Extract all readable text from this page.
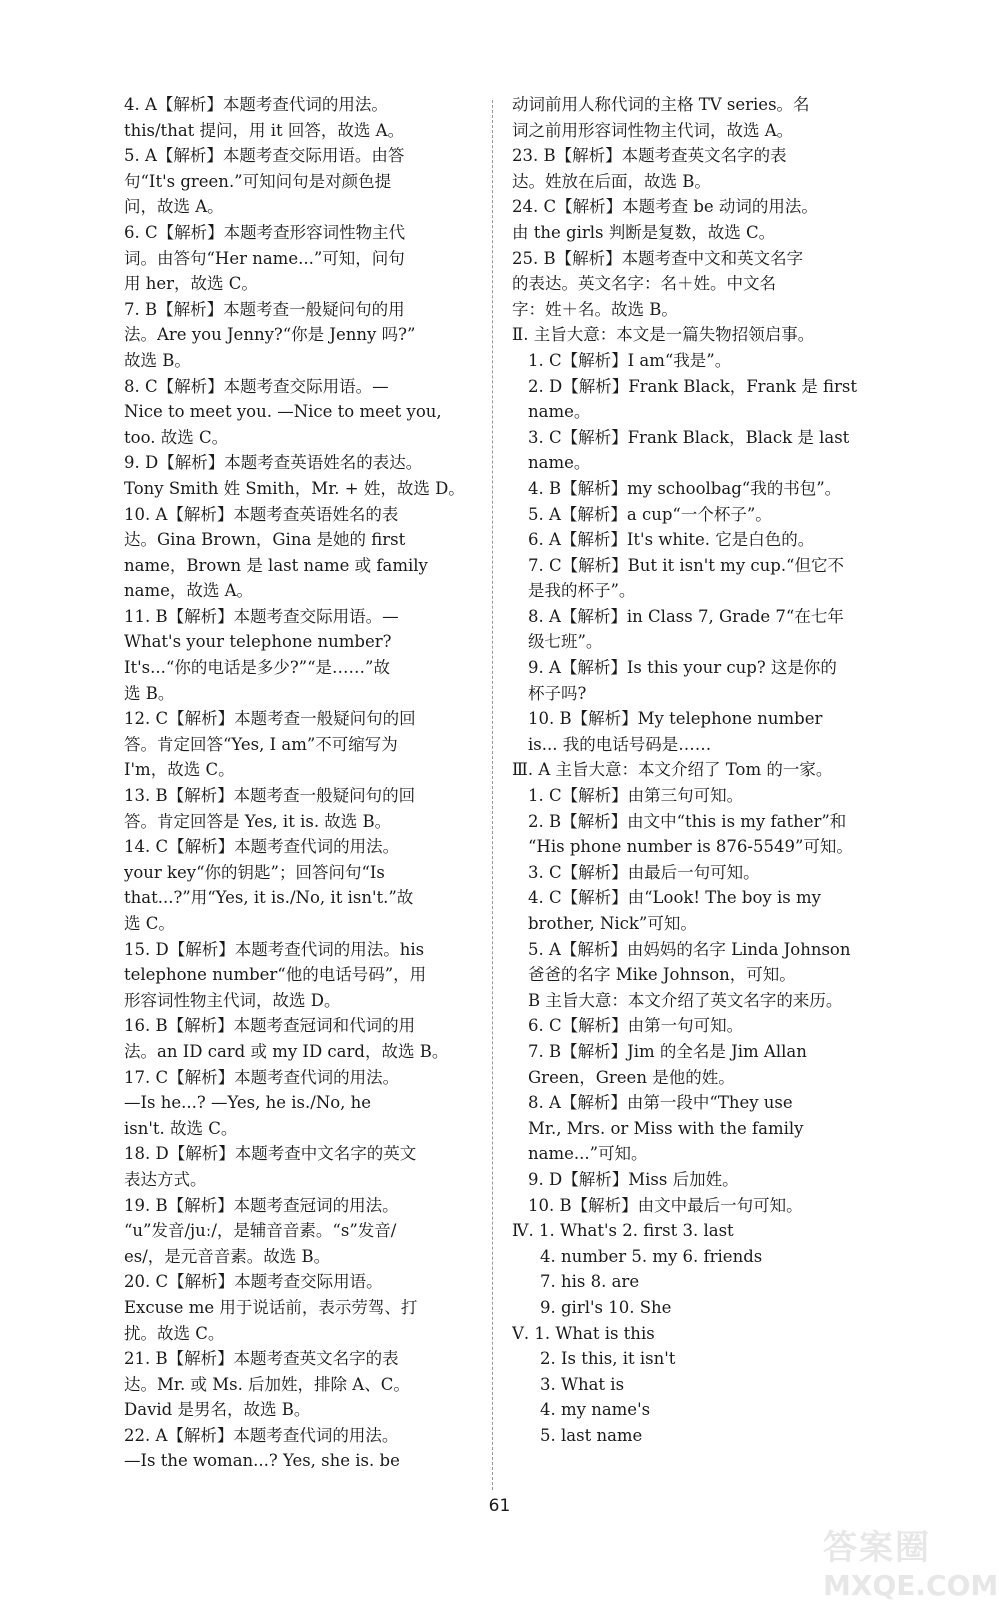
4. A【解析】本题考查代词的用法。
this/that 提问，用 it 回答，故选 A。
5. A【解析】本题考查交际用语。由答
句“It's green.”可知问句是对颜色提
问，故选 A。
6. C【解析】本题考查形容词性物主代
词。由答句“Her name...”可知，问句
用 her，故选 C。
7. B【解析】本题考查一般疑问句的用
法。Are you Jenny?“你是 Jenny 吗?”
故选 B。
8. C【解析】本题考查交际用语。—
Nice to meet you. —Nice to meet you,
too. 故选 C。
9. D【解析】本题考查英语姓名的表达。
Tony Smith 姓 Smith，Mr. + 姓，故选 D。
10. A【解析】本题考查英语姓名的表
达。Gina Brown，Gina 是她的 first
name，Brown 是 last name 或 family
name，故选 A。
11. B【解析】本题考查交际用语。—
What's your telephone number?
It's...“你的电话是多少?”“是……”故
选 B。
12. C【解析】本题考查一般疑问句的回
答。肯定回答“Yes, I am”不可缩写为
I'm，故选 C。
13. B【解析】本题考查一般疑问句的回
答。肯定回答是 Yes, it is. 故选 B。
14. C【解析】本题考查代词的用法。
your key“你的钥匙”；回答问句“Is
that...?”用“Yes, it is./No, it isn't.”故
选 C。
15. D【解析】本题考查代词的用法。his
telephone number“他的电话号码”，用
形容词性物主代词，故选 D。
16. B【解析】本题考查冠词和代词的用
法。an ID card 或 my ID card，故选 B。
17. C【解析】本题考查代词的用法。
—Is he...? —Yes, he is./No, he
isn't. 故选 C。
18. D【解析】本题考查中文名字的英文
表达方式。
19. B【解析】本题考查冠词的用法。
“u”发音/juː/，是辅音音素。“s”发音/
es/，是元音音素。故选 B。
20. C【解析】本题考查交际用语。
Excuse me 用于说话前，表示劳驾、打
扰。故选 C。
21. B【解析】本题考查英文名字的表
达。Mr. 或 Ms. 后加姓，排除 A、C。
David 是男名，故选 B。
22. A【解析】本题考查代词的用法。
—Is the woman...? Yes, she is. be
动词前用人称代词的主格 TV series。名
词之前用形容词性物主代词，故选 A。
23. B【解析】本题考查英文名字的表
达。姓放在后面，故选 B。
24. C【解析】本题考查 be 动词的用法。
由 the girls 判断是复数，故选 C。
25. B【解析】本题考查中文和英文名字
的表达。英文名字：名＋姓。中文名
字：姓＋名。故选 B。
Ⅱ. 主旨大意：本文是一篇失物招领启事。
1. C【解析】I am“我是”。
2. D【解析】Frank Black，Frank 是 first
name。
3. C【解析】Frank Black，Black 是 last
name。
4. B【解析】my schoolbag“我的书包”。
5. A【解析】a cup“一个杯子”。
6. A【解析】It's white. 它是白色的。
7. C【解析】But it isn't my cup.“但它不
是我的杯子”。
8. A【解析】in Class 7, Grade 7“在七年
级七班”。
9. A【解析】Is this your cup? 这是你的
杯子吗?
10. B【解析】My telephone number
is... 我的电话号码是……
Ⅲ. A 主旨大意：本文介绍了 Tom 的一家。
1. C【解析】由第三句可知。
2. B【解析】由文中“this is my father”和
“His phone number is 876-5549”可知。
3. C【解析】由最后一句可知。
4. C【解析】由“Look! The boy is my
brother, Nick”可知。
5. A【解析】由妈妈的名字 Linda Johnson
爸爸的名字 Mike Johnson，可知。
B 主旨大意：本文介绍了英文名字的来历。
6. C【解析】由第一句可知。
7. B【解析】Jim 的全名是 Jim Allan
Green，Green 是他的姓。
8. A【解析】由第一段中“They use
Mr., Mrs. or Miss with the family
name...”可知。
9. D【解析】Miss 后加姓。
10. B【解析】由文中最后一句可知。
Ⅳ. 1. What's 2. first 3. last
4. number 5. my 6. friends
7. his 8. are
9. girl's 10. She
Ⅴ. 1. What is this
2. Is this, it isn't
3. What is
4. my name's
5. last name
61
答案圈
MXQE.COM
